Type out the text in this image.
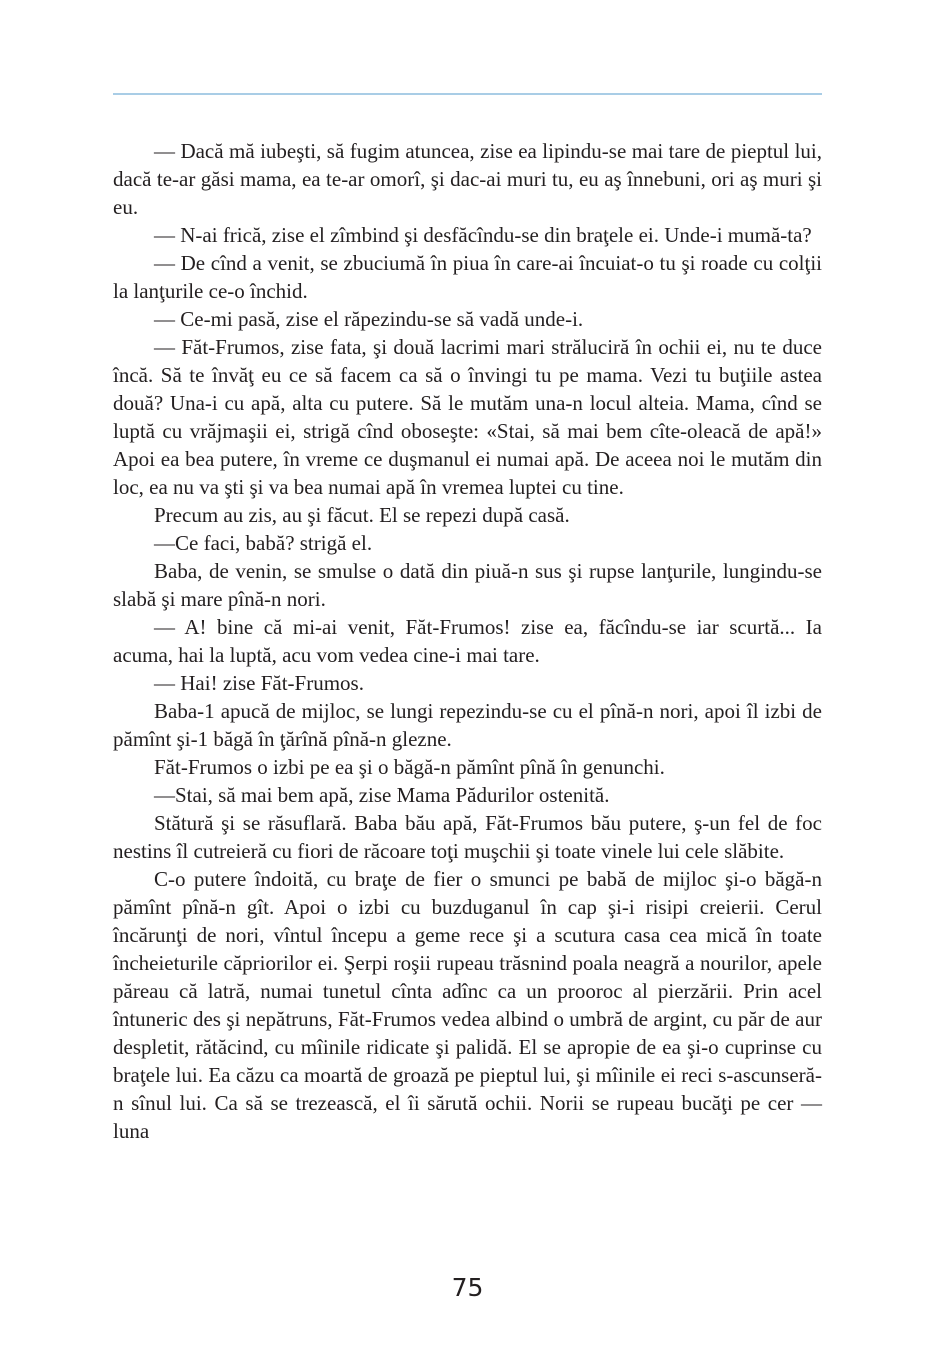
— Dacă mă iubeşti, să fugim atuncea, zise ea lipindu-se mai tare de pieptul lui, dacă te-ar găsi mama, ea te-ar omorî, şi dac-ai muri tu, eu aş înnebuni, ori aş muri şi eu.

— N-ai frică, zise el zîmbind şi desfăcîndu-se din braţele ei. Unde-i mumă-ta?

— De cînd a venit, se zbuciumă în piua în care-ai încuiat-o tu şi roade cu colţii la lanţurile ce-o închid.

— Ce-mi pasă, zise el răpezindu-se să vadă unde-i.

— Făt-Frumos, zise fata, şi două lacrimi mari străluciră în ochii ei, nu te duce încă. Să te învăţ eu ce să facem ca să o învingi tu pe mama. Vezi tu buţiile astea două? Una-i cu apă, alta cu putere. Să le mutăm una-n locul alteia. Mama, cînd se luptă cu vrăjmaşii ei, strigă cînd oboseşte: «Stai, să mai bem cîte-oleacă de apă!» Apoi ea bea putere, în vreme ce duşmanul ei numai apă. De aceea noi le mutăm din loc, ea nu va şti şi va bea numai apă în vremea luptei cu tine.

Precum au zis, au şi făcut. El se repezi după casă.

—Ce faci, babă? strigă el.

Baba, de venin, se smulse o dată din piuă-n sus şi rupse lanţurile, lungindu-se slabă şi mare pînă-n nori.

— A! bine că mi-ai venit, Făt-Frumos! zise ea, făcîndu-se iar scurtă... Ia acuma, hai la luptă, acu vom vedea cine-i mai tare.

— Hai! zise Făt-Frumos.

Baba-1 apucă de mijloc, se lungi repezindu-se cu el pînă-n nori, apoi îl izbi de pămînt şi-1 băgă în ţărînă pînă-n glezne.

Făt-Frumos o izbi pe ea şi o băgă-n pămînt pînă în genunchi.

—Stai, să mai bem apă, zise Mama Pădurilor ostenită.

Stătură şi se răsuflară. Baba bău apă, Făt-Frumos bău putere, ş-un fel de foc nestins îl cutreieră cu fiori de răcoare toţi muşchii şi toate vinele lui cele slăbite.

C-o putere îndoită, cu braţe de fier o smunci pe babă de mijloc şi-o băgă-n pămînt pînă-n gît. Apoi o izbi cu buzduganul în cap şi-i risipi creierii. Cerul încărunţi de nori, vîntul începu a geme rece şi a scutura casa cea mică în toate încheieturile căpriorilor ei. Şerpi roşii rupeau trăsnind poala neagră a nourilor, apele păreau că latră, numai tunetul cînta adînc ca un prooroc al pierzării. Prin acel întuneric des şi nepătruns, Făt-Frumos vedea albind o umbră de argint, cu păr de aur despletit, rătăcind, cu mîinile ridicate şi palidă. El se apropie de ea şi-o cuprinse cu braţele lui. Ea căzu ca moartă de groază pe pieptul lui, şi mîinile ei reci s-ascunseră-n sînul lui. Ca să se trezească, el îi sărută ochii. Norii se rupeau bucăţi pe cer — luna

75
